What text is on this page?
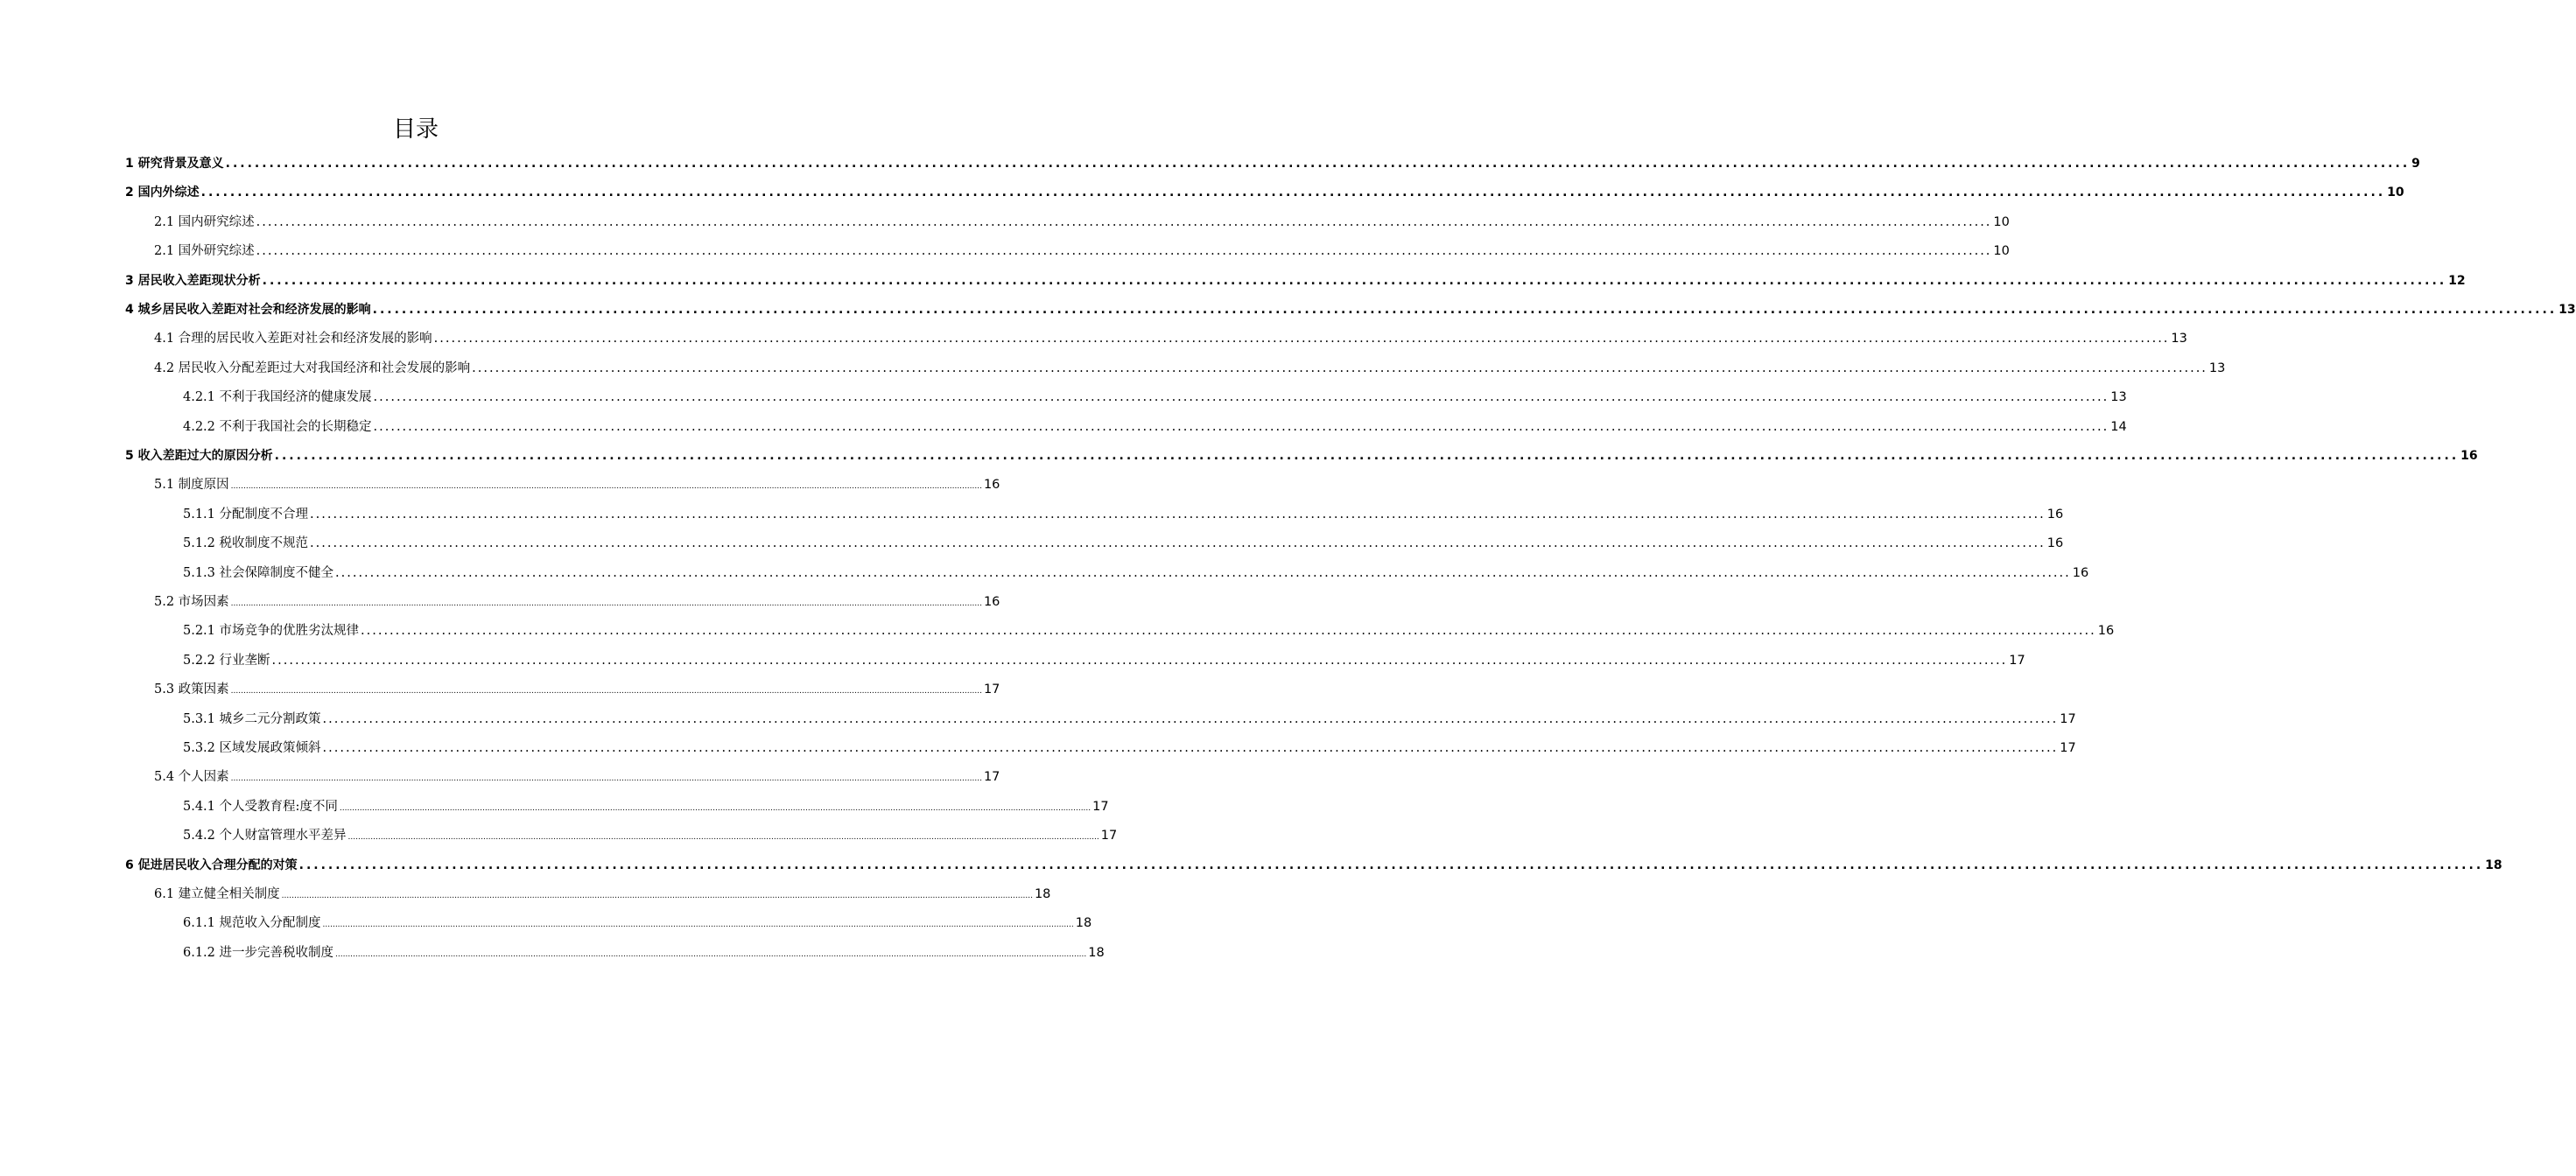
目录
1 研究背景及意义 ............................................................................................................................................................................................................................................................................................................ 9
2 国内外综述 ............................................................................................................................................................................................................................................................................................................ 10
2.1 国内研究综述 ............................................................................................................................................................................................................................................................................................................ 10
2.1 国外研究综述 ............................................................................................................................................................................................................................................................................................................ 10
3 居民收入差距现状分析 ............................................................................................................................................................................................................................................................................................................ 12
4 城乡居民收入差距对社会和经济发展的影响 ............................................................................................................................................................................................................................................................................................................ 13
4.1 合理的居民收入差距对社会和经济发展的影响 ............................................................................................................................................................................................................................................................................................................ 13
4.2 居民收入分配差距过大对我国经济和社会发展的影响 ............................................................................................................................................................................................................................................................................................................ 13
4.2.1 不利于我国经济的健康发展 ............................................................................................................................................................................................................................................................................................................ 13
4.2.2 不利于我国社会的长期稳定 ............................................................................................................................................................................................................................................................................................................ 14
5 收入差距过大的原因分析 ............................................................................................................................................................................................................................................................................................................ 16
5.1 制度原因 ............................................................................................................................................................................................................................................................................................................ 16
5.1.1 分配制度不合理 ............................................................................................................................................................................................................................................................................................................ 16
5.1.2 税收制度不规范 ............................................................................................................................................................................................................................................................................................................ 16
5.1.3 社会保障制度不健全 ............................................................................................................................................................................................................................................................................................................ 16
5.2 市场因素 ............................................................................................................................................................................................................................................................................................................ 16
5.2.1 市场竞争的优胜劣汰规律 ............................................................................................................................................................................................................................................................................................................ 16
5.2.2 行业垄断 ............................................................................................................................................................................................................................................................................................................ 17
5.3 政策因素 ............................................................................................................................................................................................................................................................................................................ 17
5.3.1 城乡二元分割政策 ............................................................................................................................................................................................................................................................................................................ 17
5.3.2 区域发展政策倾斜 ............................................................................................................................................................................................................................................................................................................ 17
5.4 个人因素 ............................................................................................................................................................................................................................................................................................................ 17
5.4.1 个人受教育程:度不同 ............................................................................................................................................................................................................................................................................................................ 17
5.4.2 个人财富管理水平差异 ............................................................................................................................................................................................................................................................................................................ 17
6 促进居民收入合理分配的对策 ............................................................................................................................................................................................................................................................................................................ 18
6.1 建立健全相关制度 ............................................................................................................................................................................................................................................................................................................ 18
6.1.1 规范收入分配制度 ............................................................................................................................................................................................................................................................................................................ 18
6.1.2 进一步完善税收制度 ............................................................................................................................................................................................................................................................................................................ 18
